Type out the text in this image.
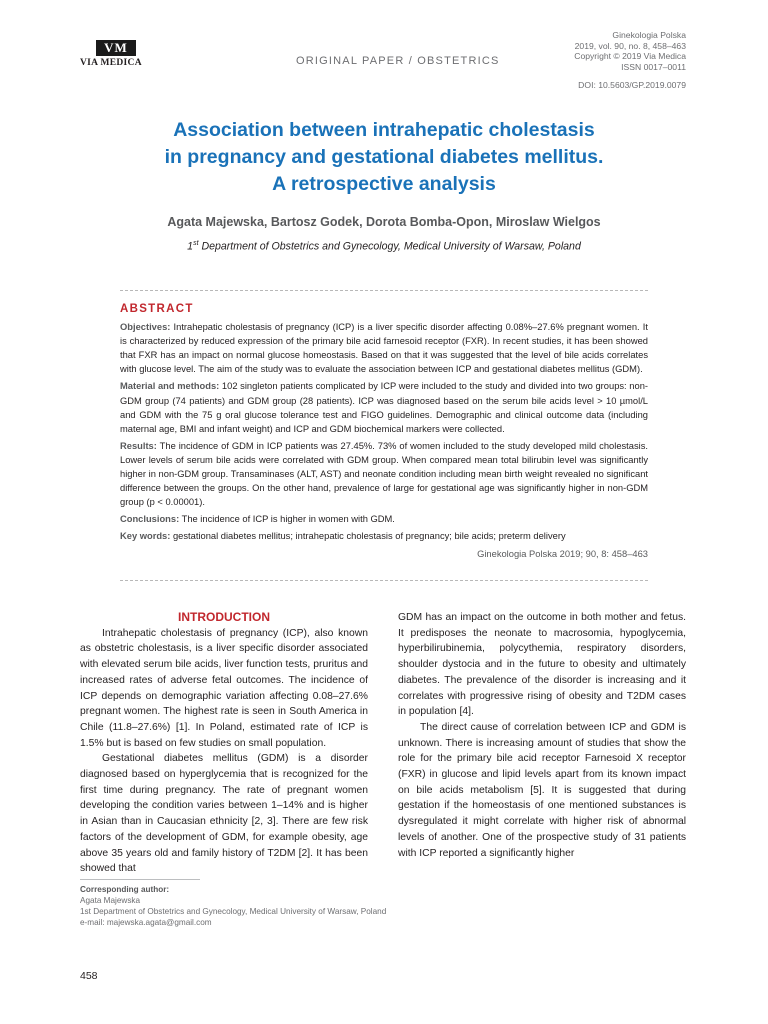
VM
VIA MEDICA	ORIGINAL PAPER / OBSTETRICS
Ginekologia Polska
2019, vol. 90, no. 8, 458–463
Copyright © 2019 Via Medica
ISSN 0017–0011
DOI: 10.5603/GP.2019.0079
Association between intrahepatic cholestasis
in pregnancy and gestational diabetes mellitus.
A retrospective analysis
Agata Majewska, Bartosz Godek, Dorota Bomba-Opon, Miroslaw Wielgos
1st Department of Obstetrics and Gynecology, Medical University of Warsaw, Poland
ABSTRACT

Objectives: Intrahepatic cholestasis of pregnancy (ICP) is a liver specific disorder affecting 0.08%–27.6% pregnant women. It is characterized by reduced expression of the primary bile acid farnesoid receptor (FXR). In recent studies, it has been showed that FXR has an impact on normal glucose homeostasis. Based on that it was suggested that the level of bile acids correlates with glucose level. The aim of the study was to evaluate the association between ICP and gestational diabetes mellitus (GDM).

Material and methods: 102 singleton patients complicated by ICP were included to the study and divided into two groups: non-GDM group (74 patients) and GDM group (28 patients). ICP was diagnosed based on the serum bile acids level > 10 µmol/L and GDM with the 75 g oral glucose tolerance test and FIGO guidelines. Demographic and clinical outcome data (including maternal age, BMI and infant weight) and ICP and GDM biochemical markers were collected.

Results: The incidence of GDM in ICP patients was 27.45%. 73% of women included to the study developed mild cholestasis. Lower levels of serum bile acids were correlated with GDM group. When compared mean total bilirubin level was significantly higher in non-GDM group. Transaminases (ALT, AST) and neonate condition including mean birth weight revealed no significant difference between the groups. On the other hand, prevalence of large for gestational age was significantly higher in non-GDM group (p < 0.00001).

Conclusions: The incidence of ICP is higher in women with GDM.

Key words: gestational diabetes mellitus; intrahepatic cholestasis of pregnancy; bile acids; preterm delivery

Ginekologia Polska 2019; 90, 8: 458–463

INTRODUCTION

Intrahepatic cholestasis of pregnancy (ICP), also known as obstetric cholestasis, is a liver specific disorder associated with elevated serum bile acids, liver function tests, pruritus and increased rates of adverse fetal outcomes. The incidence of ICP depends on demographic variation affecting 0.08–27.6% pregnant women. The highest rate is seen in South America in Chile (11.8–27.6%) [1]. In Poland, estimated rate of ICP is 1.5% but is based on few studies on small population.

Gestational diabetes mellitus (GDM) is a disorder diagnosed based on hyperglycemia that is recognized for the first time during pregnancy. The rate of pregnant women developing the condition varies between 1–14% and is higher in Asian than in Caucasian ethnicity [2, 3]. There are few risk factors of the development of GDM, for example obesity, age above 35 years old and family history of T2DM [2]. It has been showed that

GDM has an impact on the outcome in both mother and fetus. It predisposes the neonate to macrosomia, hypoglycemia, hyperbilirubinemia, polycythemia, respiratory disorders, shoulder dystocia and in the future to obesity and ultimately diabetes. The prevalence of the disorder is increasing and it correlates with progressive rising of obesity and T2DM cases in population [4].

The direct cause of correlation between ICP and GDM is unknown. There is increasing amount of studies that show the role for the primary bile acid receptor Farnesoid X receptor (FXR) in glucose and lipid levels apart from its known impact on bile acids metabolism [5]. It is suggested that during gestation if the homeostasis of one mentioned substances is dysregulated it might correlate with higher risk of abnormal levels of another. One of the prospective study of 31 patients with ICP reported a significantly higher

Corresponding author:
Agata Majewska
1st Department of Obstetrics and Gynecology, Medical University of Warsaw, Poland
e-mail: majewska.agata@gmail.com
458
